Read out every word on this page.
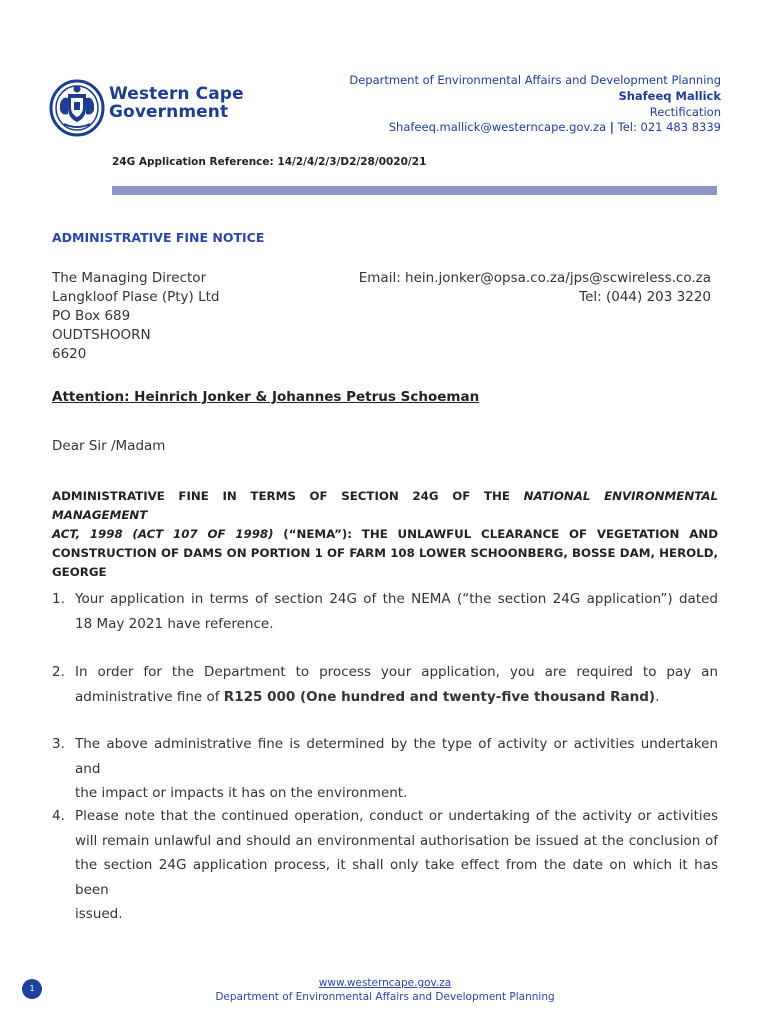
Western Cape
Government
Department of Environmental Affairs and Development Planning
Shafeeq Mallick
Rectification
Shafeeq.mallick@westerncape.gov.za | Tel: 021 483 8339
24G Application Reference: 14/2/4/2/3/D2/28/0020/21
ADMINISTRATIVE FINE NOTICE
The Managing Director
Langkloof Plase (Pty) Ltd
PO Box 689
OUDTSHOORN
6620
Email: hein.jonker@opsa.co.za/jps@scwireless.co.za
Tel: (044) 203 3220
Attention: Heinrich Jonker & Johannes Petrus Schoeman
Dear Sir /Madam
ADMINISTRATIVE FINE IN TERMS OF SECTION 24G OF THE NATIONAL ENVIRONMENTAL MANAGEMENT
ACT, 1998 (ACT 107 OF 1998) (“NEMA”): THE UNLAWFUL CLEARANCE OF VEGETATION AND
CONSTRUCTION OF DAMS ON PORTION 1 OF FARM 108 LOWER SCHOONBERG, BOSSE DAM, HEROLD,
GEORGE
1. Your application in terms of section 24G of the NEMA (“the section 24G application”) dated
18 May 2021 have reference.
2. In order for the Department to process your application, you are required to pay an
administrative fine of R125 000 (One hundred and twenty-five thousand Rand).
3. The above administrative fine is determined by the type of activity or activities undertaken and
the impact or impacts it has on the environment.
4. Please note that the continued operation, conduct or undertaking of the activity or activities
will remain unlawful and should an environmental authorisation be issued at the conclusion of
the section 24G application process, it shall only take effect from the date on which it has been
issued.
1	www.westerncape.gov.za
Department of Environmental Affairs and Development Planning
